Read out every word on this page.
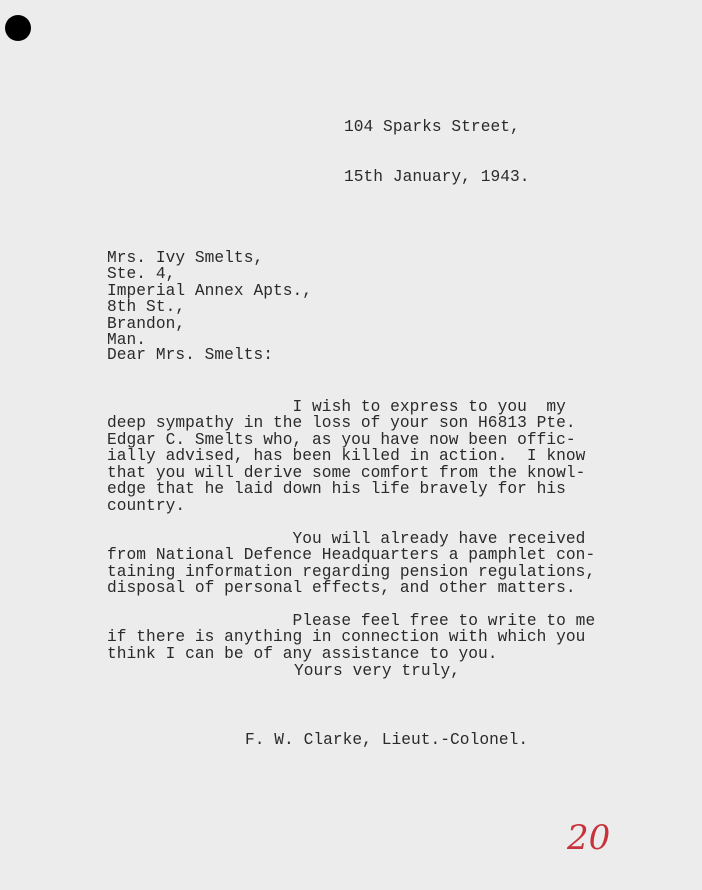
104 Sparks Street,
15th January, 1943.

Mrs. Ivy Smelts,
Ste. 4,
Imperial Annex Apts.,
8th St.,
Brandon,
Man.

Dear Mrs. Smelts:

I wish to express to you  my
deep sympathy in the loss of your son H6813 Pte.
Edgar C. Smelts who, as you have now been offic-
ially advised, has been killed in action.  I know
that you will derive some comfort from the knowl-
edge that he laid down his life bravely for his
country.

You will already have received
from National Defence Headquarters a pamphlet con-
taining information regarding pension regulations,
disposal of personal effects, and other matters.

Please feel free to write to me
if there is anything in connection with which you
think I can be of any assistance to you.

Yours very truly,
F. W. Clarke, Lieut.-Colonel.
20
